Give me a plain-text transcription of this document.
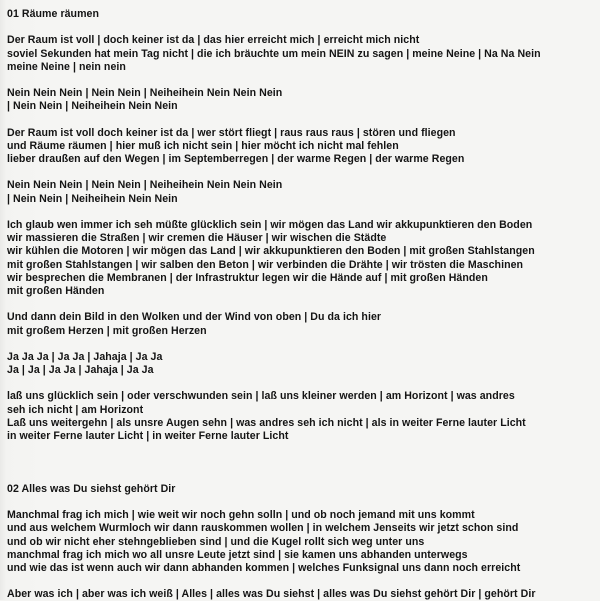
01 Räume räumen
Der Raum ist voll | doch keiner ist da | das hier erreicht mich | erreicht mich nicht
soviel Sekunden hat mein Tag nicht | die ich bräuchte um mein NEIN zu sagen | meine Neine | Na Na Nein
meine Neine | nein nein
Nein Nein Nein | Nein Nein | Neiheihein Nein Nein Nein
| Nein Nein | Neiheihein Nein Nein
Der Raum ist voll doch keiner ist da | wer stört fliegt | raus raus raus | stören und fliegen
und Räume räumen | hier muß ich nicht sein | hier möcht ich nicht mal fehlen
lieber draußen auf den Wegen | im Septemberregen | der warme Regen | der warme Regen
Nein Nein Nein | Nein Nein | Neiheihein Nein Nein Nein
| Nein Nein | Neiheihein Nein Nein
Ich glaub wen immer ich seh müßte glücklich sein | wir mögen das Land wir akkupunktieren den Boden
wir massieren die Straßen | wir cremen die Häuser | wir wischen die Städte
wir kühlen die Motoren | wir mögen das Land | wir akkupunktieren den Boden | mit großen Stahlstangen
mit großen Stahlstangen | wir salben den Beton | wir verbinden die Drähte | wir trösten die Maschinen
wir besprechen die Membranen | der Infrastruktur legen wir die Hände auf | mit großen Händen
mit großen Händen
Und dann dein Bild in den Wolken und der Wind von oben | Du da ich hier
mit großem Herzen | mit großen Herzen
Ja Ja Ja | Ja Ja | Jahaja | Ja Ja
Ja | Ja | Ja Ja | Jahaja | Ja Ja
laß uns glücklich sein | oder verschwunden sein | laß uns kleiner werden | am Horizont | was andres
seh ich nicht | am Horizont
Laß uns weitergehn | als unsre Augen sehn | was andres seh ich nicht | als in weiter Ferne lauter Licht
in weiter Ferne lauter Licht | in weiter Ferne lauter Licht
02 Alles was Du siehst gehört Dir
Manchmal frag ich mich | wie weit wir noch gehn solln | und ob noch jemand mit uns kommt
und aus welchem Wurmloch wir dann rauskommen wollen | in welchem Jenseits wir jetzt schon sind
und ob wir nicht eher stehngeblieben sind | und die Kugel rollt sich weg unter uns
manchmal frag ich mich wo all unsre Leute jetzt sind | sie kamen uns abhanden unterwegs
und wie das ist wenn auch wir dann abhanden kommen | welches Funksignal uns dann noch erreicht
Aber was ich | aber was ich weiß | Alles | alles was Du siehst | alles was Du siehst gehört Dir | gehört Dir
